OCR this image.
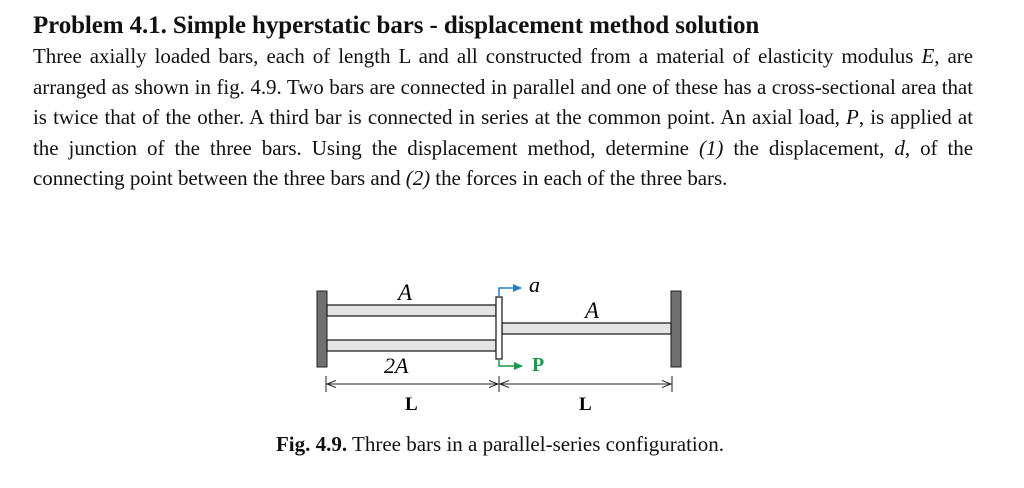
Problem 4.1. Simple hyperstatic bars - displacement method solution

Three axially loaded bars, each of length L and all constructed from a material of elasticity modulus E, are arranged as shown in fig. 4.9. Two bars are connected in parallel and one of these has a cross-sectional area that is twice that of the other. A third bar is connected in series at the common point. An axial load, P, is applied at the junction of the three bars. Using the displacement method, determine (1) the displacement, d, of the connecting point between the three bars and (2) the forces in each of the three bars.

a
P
A
2A
A
L	L
Fig. 4.9. Three bars in a parallel-series configuration.
